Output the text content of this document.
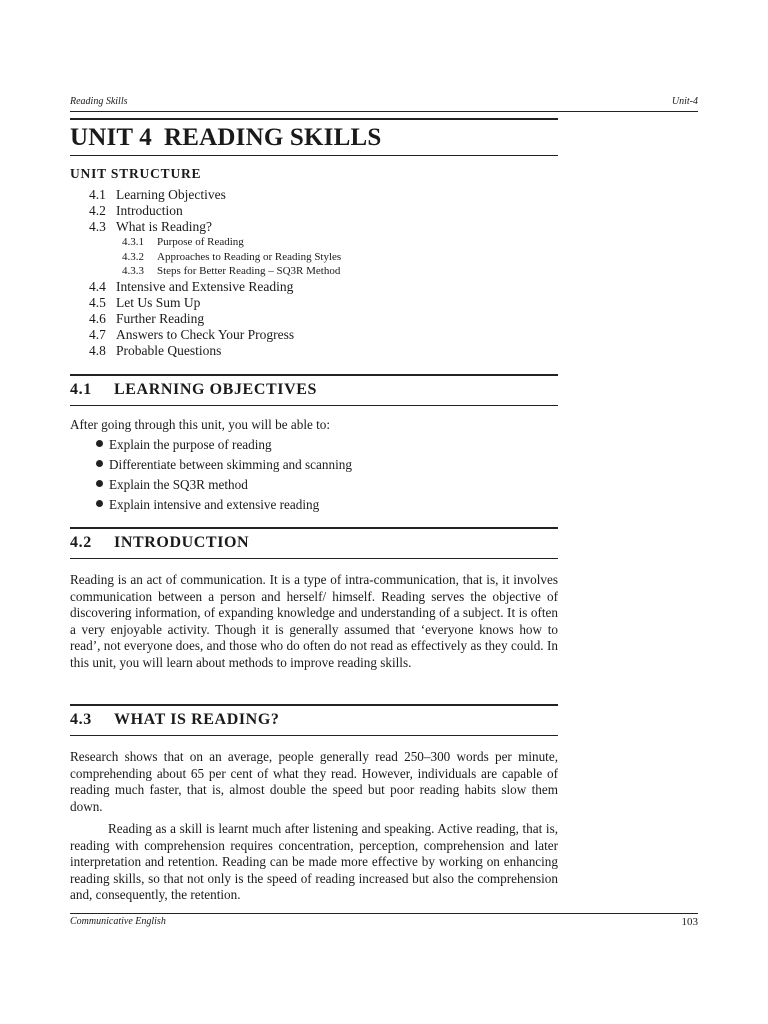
Reading Skills	Unit-4
UNIT 4 READING SKILLS
UNIT STRUCTURE
4.1 Learning Objectives
4.2 Introduction
4.3 What is Reading?
4.3.1 Purpose of Reading
4.3.2 Approaches to Reading or Reading Styles
4.3.3 Steps for Better Reading – SQ3R Method
4.4 Intensive and Extensive Reading
4.5 Let Us Sum Up
4.6 Further Reading
4.7 Answers to Check Your Progress
4.8 Probable Questions
4.1 LEARNING OBJECTIVES

After going through this unit, you will be able to:

Explain the purpose of reading
Differentiate between skimming and scanning
Explain the SQ3R method
Explain intensive and extensive reading
4.2 INTRODUCTION

Reading is an act of communication. It is a type of intra-communication, that is, it involves communication between a person and herself/ himself. Reading serves the objective of discovering information, of expanding knowledge and understanding of a subject. It is often a very enjoyable activity. Though it is generally assumed that ‘everyone knows how to read’, not everyone does, and those who do often do not read as effectively as they could. In this unit, you will learn about methods to improve reading skills.

4.3 WHAT IS READING?

Research shows that on an average, people generally read 250–300 words per minute, comprehending about 65 per cent of what they read. However, individuals are capable of reading much faster, that is, almost double the speed but poor reading habits slow them down.

Reading as a skill is learnt much after listening and speaking. Active reading, that is, reading with comprehension requires concentration, perception, comprehension and later interpretation and retention. Reading can be made more effective by working on enhancing reading skills, so that not only is the speed of reading increased but also the comprehension and, consequently, the retention.

Communicative English	103
